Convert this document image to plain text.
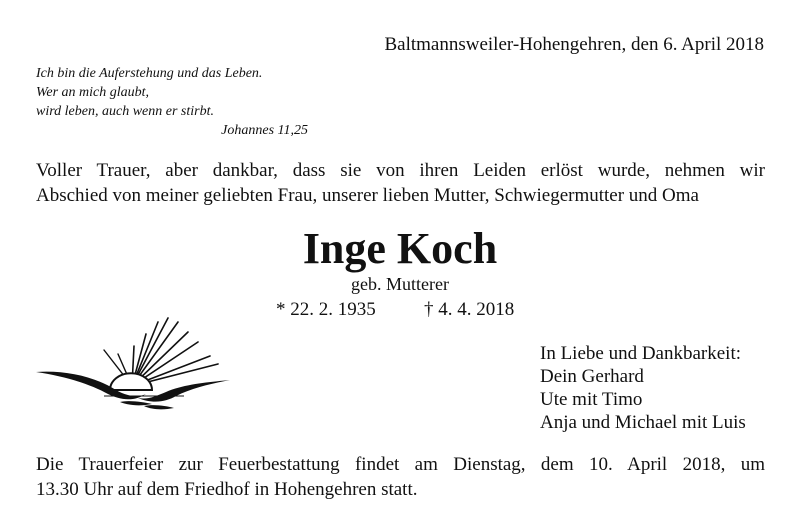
Baltmannsweiler-Hohengehren, den 6. April 2018
Ich bin die Auferstehung und das Leben.
Wer an mich glaubt,
wird leben, auch wenn er stirbt.
Johannes 11,25
Voller Trauer, aber dankbar, dass sie von ihren Leiden erlöst wurde, nehmen wir
Abschied von meiner geliebten Frau, unserer lieben Mutter, Schwiegermutter und Oma
Inge Koch
geb. Mutterer
* 22. 2. 1935	† 4. 4. 2018
In Liebe und Dankbarkeit:
Dein Gerhard
Ute mit Timo
Anja und Michael mit Luis
Die Trauerfeier zur Feuerbestattung findet am Dienstag, dem 10. April 2018, um
13.30 Uhr auf dem Friedhof in Hohengehren statt.
